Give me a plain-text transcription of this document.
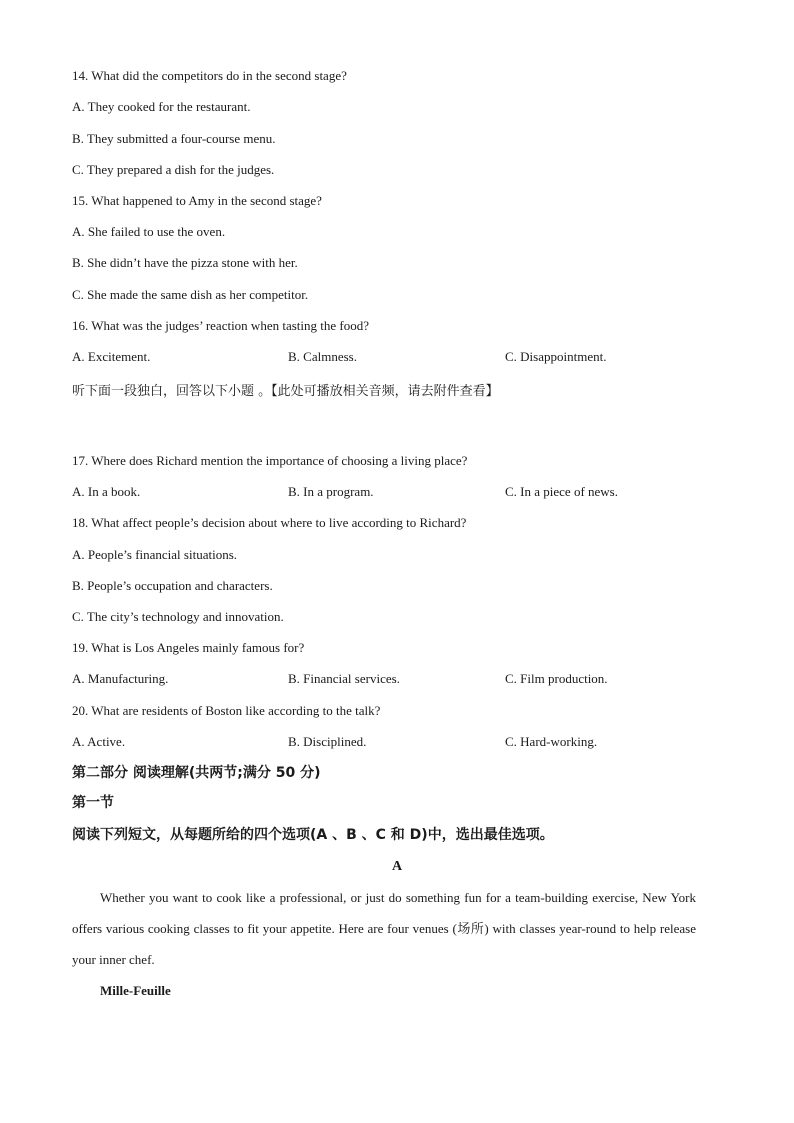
14. What did the competitors do in the second stage?
A. They cooked for the restaurant.
B. They submitted a four-course menu.
C. They prepared a dish for the judges.
15. What happened to Amy in the second stage?
A. She failed to use the oven.
B. She didn’t have the pizza stone with her.
C. She made the same dish as her competitor.
16. What was the judges’ reaction when tasting the food?
A. Excitement.	B. Calmness.	C. Disappointment.
听下面一段独白，回答以下小题 。【此处可播放相关音频，请去附件查看】
17. Where does Richard mention the importance of choosing a living place?
A. In a book.	B. In a program.	C. In a piece of news.
18. What affect people’s decision about where to live according to Richard?
A. People’s financial situations.
B. People’s occupation and characters.
C. The city’s technology and innovation.
19. What is Los Angeles mainly famous for?
A. Manufacturing.	B. Financial services.	C. Film production.
20. What are residents of Boston like according to the talk?
A. Active.	B. Disciplined.	C. Hard-working.
第二部分 阅读理解(共两节;满分 50 分)
第一节
阅读下列短文，从每题所给的四个选项(A 、B 、C 和 D)中，选出最佳选项。
A
Whether you want to cook like a professional, or just do something fun for a team-building exercise, New York offers various cooking classes to fit your appetite. Here are four venues (场所) with classes year-round to help release your inner chef.
Mille-Feuille
